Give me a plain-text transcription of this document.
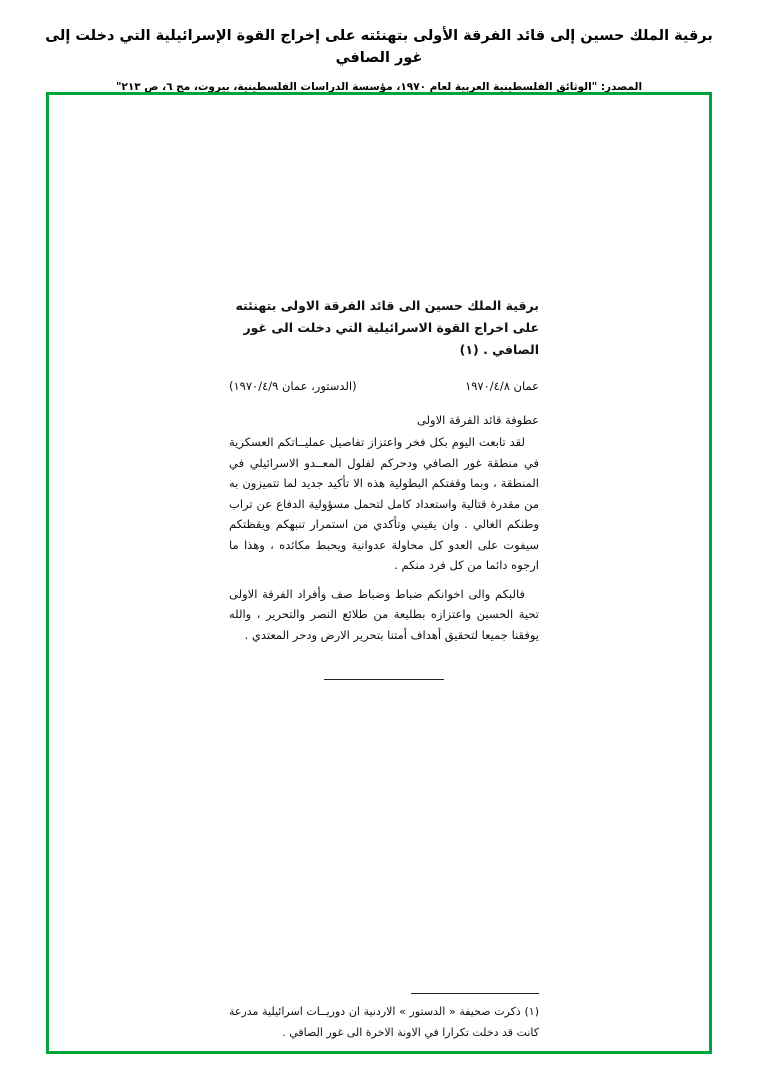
برقية الملك حسين إلى قائد الفرقة الأولى بتهنئته على إخراج القوة الإسرائيلية التي دخلت إلى غور الصافي
المصدر: "الوثائق الفلسطينية العربية لعام ١٩٧٠، مؤسسة الدراسات الفلسطينية، بيروت، مج ٦، ص ٢١٣"
برقية الملك حسين الى قائد الفرقة الاولى بتهنئته على اخراج القوة الاسرائيلية التي دخلت الى غور الصافي . (١)
عمان ١٩٧٠/٤/٨
(الدستور، عمان ١٩٧٠/٤/٩)
عطوفة قائد الفرقة الاولى

لقد تابعت اليوم بكل فخر واعتزاز تفاصيل عمليــاتكم العسكرية في منطقة غور الصافي ودحركم لفلول المعــدو الاسرائيلي في المنطقة ، وبما وقفتكم البطولية هذه الا تأكيد جديد لما تتميزون به من مقدرة قتالية واستعداد كامل لتحمل مسؤولية الدفاع عن تراب وطنكم الغالي . وان يقيني وتأكدي من استمرار تنبهكم ويقظتكم سيفوت على العدو كل محاولة عدوانية ويحبط مكائده ، وهذا ما ارجوه دائما من كل فرد منكم .

فالبكم والى اخوانكم ضباط وضباط صف وأفراد الفرقة الاولى تحية الحسين واعتزازه بطليعة من طلائع النصر والتحرير ، والله يوفقنا جميعا لتحقيق أهداف أمتنا بتحرير الارض ودحر المعتدي .

(١) ذكرت صحيفة « الدستور » الاردنية ان دوريــات اسرائيلية مدرعة كانت قد دخلت تكرارا في الاونة الاخرة الى غور الصافي .
